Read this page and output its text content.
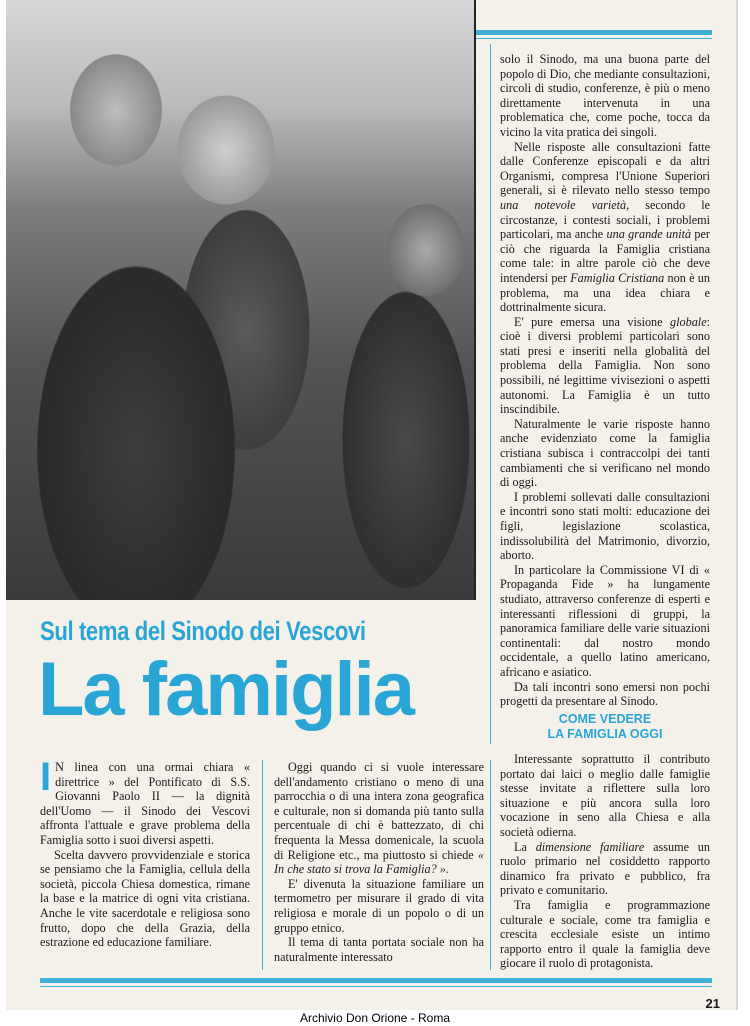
solo il Sinodo, ma una buona parte del popolo di Dio, che mediante consultazioni, circoli di studio, conferenze, è più o meno direttamente intervenuta in una problematica che, come poche, tocca da vicino la vita pratica dei singoli.

Nelle risposte alle consultazioni fatte dalle Conferenze episcopali e da altri Organismi, compresa l'Unione Superiori generali, si è rilevato nello stesso tempo una notevole varietà, secondo le circostanze, i contesti sociali, i problemi particolari, ma anche una grande unità per ciò che riguarda la Famiglia cristiana come tale: in altre parole ciò che deve intendersi per Famiglia Cristiana non è un problema, ma una idea chiara e dottrinalmente sicura.

E' pure emersa una visione globale: cioè i diversi problemi particolari sono stati presi e inseriti nella globalità del problema della Famiglia. Non sono possibili, né legittime vivisezioni o aspetti autonomi. La Famiglia è un tutto inscindibile.

Naturalmente le varie risposte hanno anche evidenziato come la famiglia cristiana subisca i contraccolpi dei tanti cambiamenti che si verificano nel mondo di oggi.

I problemi sollevati dalle consultazioni e incontri sono stati molti: educazione dei figli, legislazione scolastica, indissolubilità del Matrimonio, divorzio, aborto.

In particolare la Commissione VI di « Propaganda Fide » ha lungamente studiato, attraverso conferenze di esperti e interessanti riflessioni di gruppi, la panoramica familiare delle varie situazioni continentali: dal nostro mondo occidentale, a quello latino americano, africano e asiatico.

Da tali incontri sono emersi non pochi progetti da presentare al Sinodo.

Sul tema del Sinodo dei Vescovi
La famiglia	COME VEDERE
LA FAMIGLIA OGGI

I N linea con una ormai chiara « direttrice » del Pontificato di S.S. Giovanni Paolo II — la dignità dell'Uomo — il Sinodo dei Vescovi affronta l'attuale e grave problema della Famiglia sotto i suoi diversi aspetti.

Scelta davvero provvidenziale e storica se pensiamo che la Famiglia, cellula della società, piccola Chiesa domestica, rimane la base e la matrice di ogni vita cristiana. Anche le vite sacerdotale e religiosa sono frutto, dopo che della Grazia, della estrazione ed educazione familiare.

Oggi quando ci si vuole interessare dell'andamento cristiano o meno di una parrocchia o di una intera zona geografica e culturale, non si domanda più tanto sulla percentuale di chi è battezzato, di chi frequenta la Messa domenicale, la scuola di Religione etc., ma piuttosto si chiede « In che stato si trova la Famiglia? ».

E' divenuta la situazione familiare un termometro per misurare il grado di vita religiosa e morale di un popolo o di un gruppo etnico.

Il tema di tanta portata sociale non ha naturalmente interessato

Interessante soprattutto il contributo portato dai laici o meglio dalle famiglie stesse invitate a riflettere sulla loro situazione e più ancora sulla loro vocazione in seno alla Chiesa e alla società odierna.

La dimensione familiare assume un ruolo primario nel cosiddetto rapporto dinamico fra privato e pubblico, fra privato e comunitario.

Tra famiglia e programmazione culturale e sociale, come tra famiglia e crescita ecclesiale esiste un intimo rapporto entro il quale la famiglia deve giocare il ruolo di protagonista.

21
Archivio Don Orione - Roma
